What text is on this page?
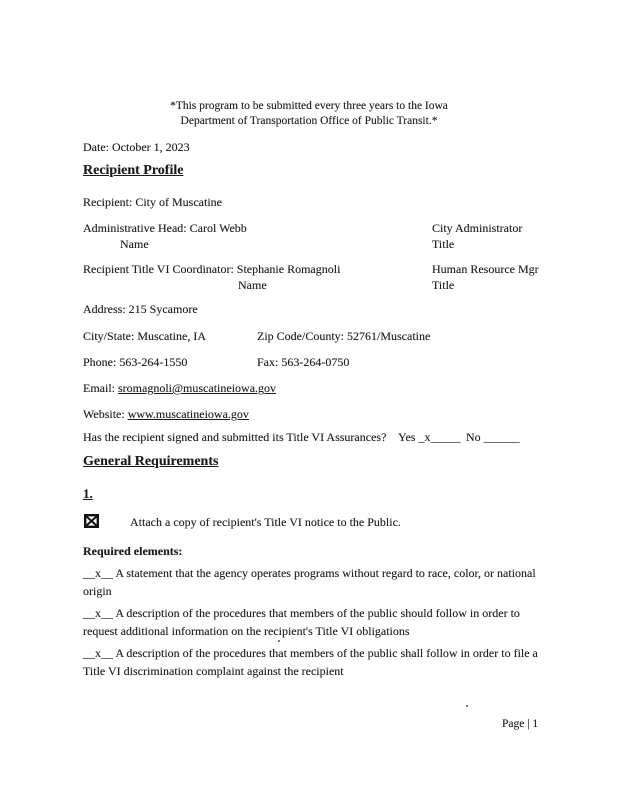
*This program to be submitted every three years to the Iowa
Department of Transportation Office of Public Transit.*
Date: October 1, 2023
Recipient Profile
Recipient: City of Muscatine
Administrative Head: Carol Webb	City Administrator
Name	Title
Recipient Title VI Coordinator: Stephanie Romagnoli	Human Resource Mgr
Name	Title
Address: 215 Sycamore
City/State: Muscatine, IA	Zip Code/County: 52761/Muscatine
Phone: 563-264-1550	Fax: 563-264-0750
Email: sromagnoli@muscatineiowa.gov
Website: www.muscatineiowa.gov
Has the recipient signed and submitted its Title VI Assurances? Yes _x_____ No ______
General Requirements
1.
Attach a copy of recipient's Title VI notice to the Public.
Required elements:
__x__ A statement that the agency operates programs without regard to race, color, or national origin
__x__ A description of the procedures that members of the public should follow in order to request additional information on the recipient's Title VI obligations
__x__ A description of the procedures that members of the public shall follow in order to file a Title VI discrimination complaint against the recipient
Page | 1
